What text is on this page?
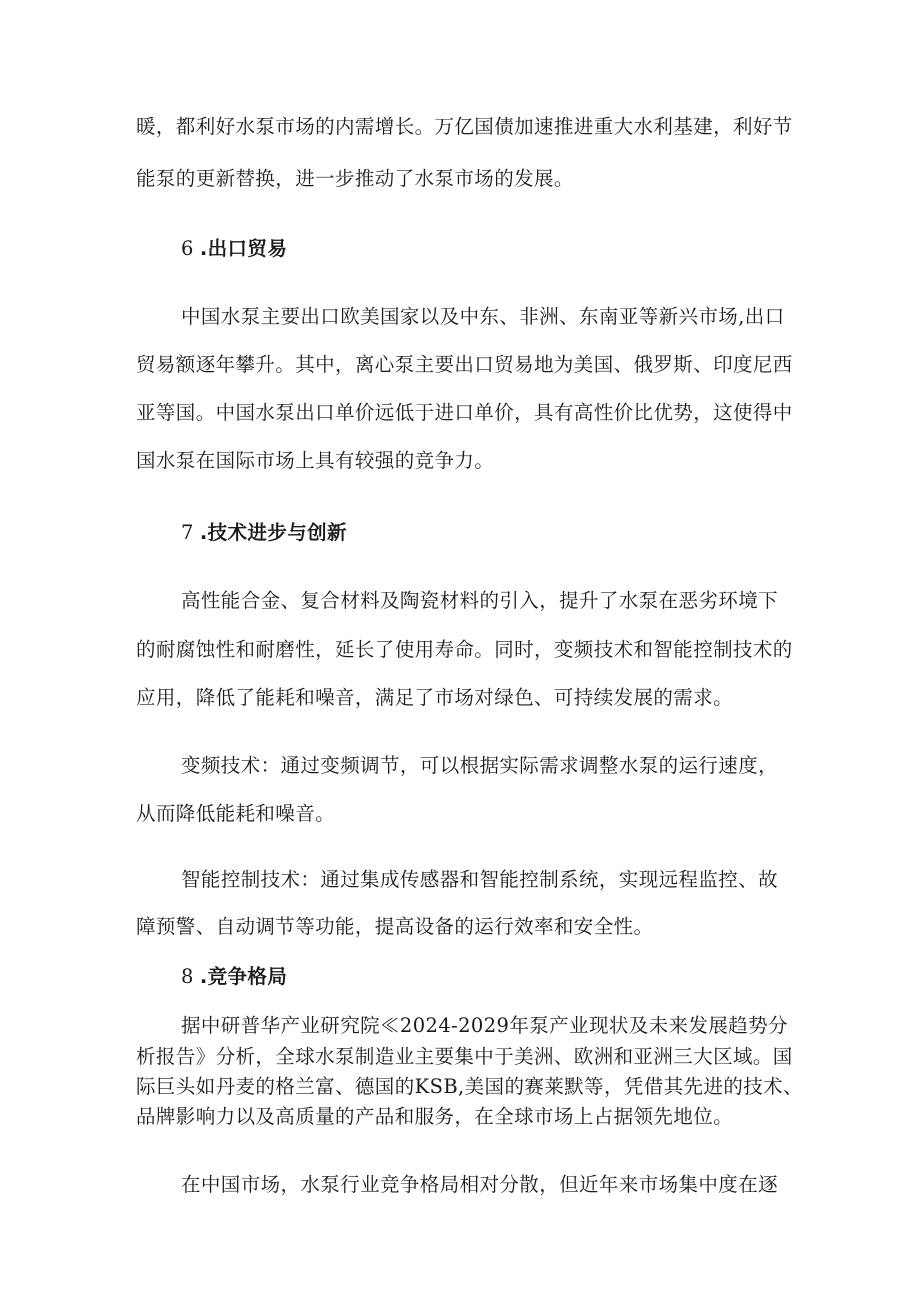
暖，都利好水泵市场的内需增长。万亿国债加速推进重大水利基建，利好节
能泵的更新替换，进一步推动了水泵市场的发展。
6 .出口贸易
中国水泵主要出口欧美国家以及中东、非洲、东南亚等新兴市场,出口
贸易额逐年攀升。其中，离心泵主要出口贸易地为美国、俄罗斯、印度尼西
亚等国。中国水泵出口单价远低于进口单价，具有高性价比优势，这使得中
国水泵在国际市场上具有较强的竞争力。
7 .技术进步与创新
高性能合金、复合材料及陶瓷材料的引入，提升了水泵在恶劣环境下
的耐腐蚀性和耐磨性，延长了使用寿命。同时，变频技术和智能控制技术的
应用，降低了能耗和噪音，满足了市场对绿色、可持续发展的需求。
变频技术：通过变频调节，可以根据实际需求调整水泵的运行速度，
从而降低能耗和噪音。
智能控制技术：通过集成传感器和智能控制系统，实现远程监控、故
障预警、自动调节等功能，提高设备的运行效率和安全性。
8 .竞争格局
据中研普华产业研究院≪2024-2029年泵产业现状及未来发展趋势分
析报告》分析，全球水泵制造业主要集中于美洲、欧洲和亚洲三大区域。国
际巨头如丹麦的格兰富、德国的KSB,美国的赛莱默等，凭借其先进的技术、
品牌影响力以及高质量的产品和服务，在全球市场上占据领先地位。
在中国市场，水泵行业竞争格局相对分散，但近年来市场集中度在逐
